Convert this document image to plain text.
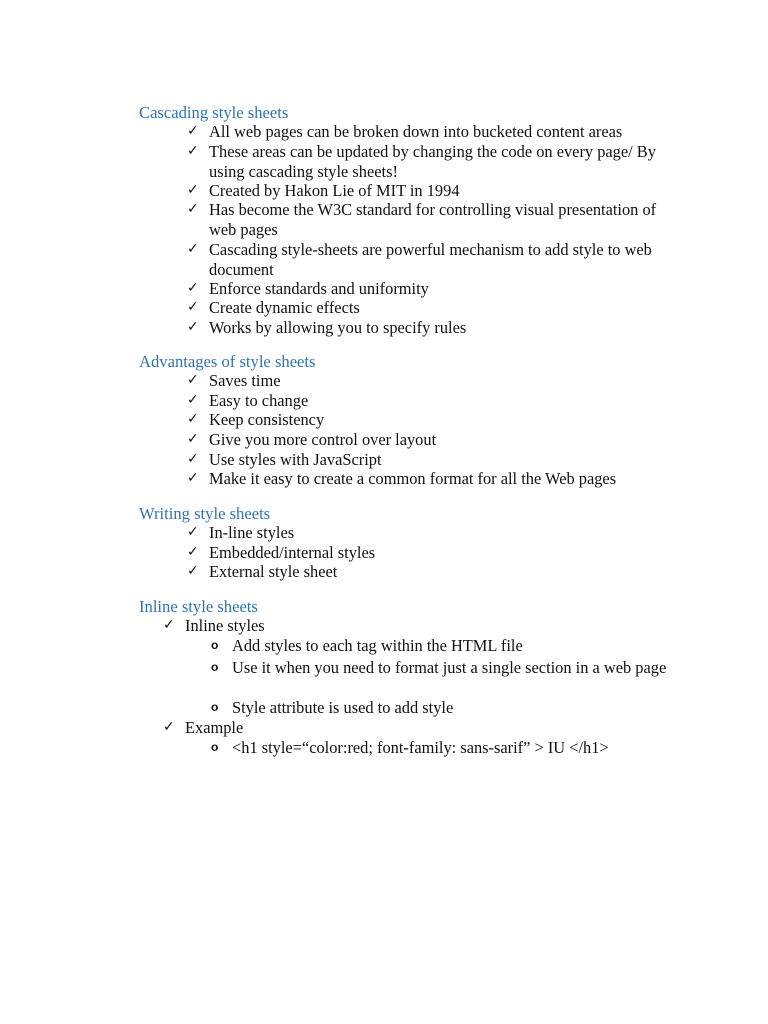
Cascading style sheets
✓ All web pages can be broken down into bucketed content areas
✓ These areas can be updated by changing the code on every page/ By using cascading style sheets!
✓ Created by Hakon Lie of MIT in 1994
✓ Has become the W3C standard for controlling visual presentation of web pages
✓ Cascading style-sheets are powerful mechanism to add style to web document
✓ Enforce standards and uniformity
✓ Create dynamic effects
✓ Works by allowing you to specify rules
Advantages of style sheets
✓ Saves time
✓ Easy to change
✓ Keep consistency
✓ Give you more control over layout
✓ Use styles with JavaScript
✓ Make it easy to create a common format for all the Web pages
Writing style sheets
✓ In-line styles
✓ Embedded/internal styles
✓ External style sheet
Inline style sheets
✓ Inline styles
o Add styles to each tag within the HTML file
o Use it when you need to format just a single section in a web page
o Style attribute is used to add style
✓ Example
o <h1 style=“color:red; font-family: sans-sarif” > IU </h1>
